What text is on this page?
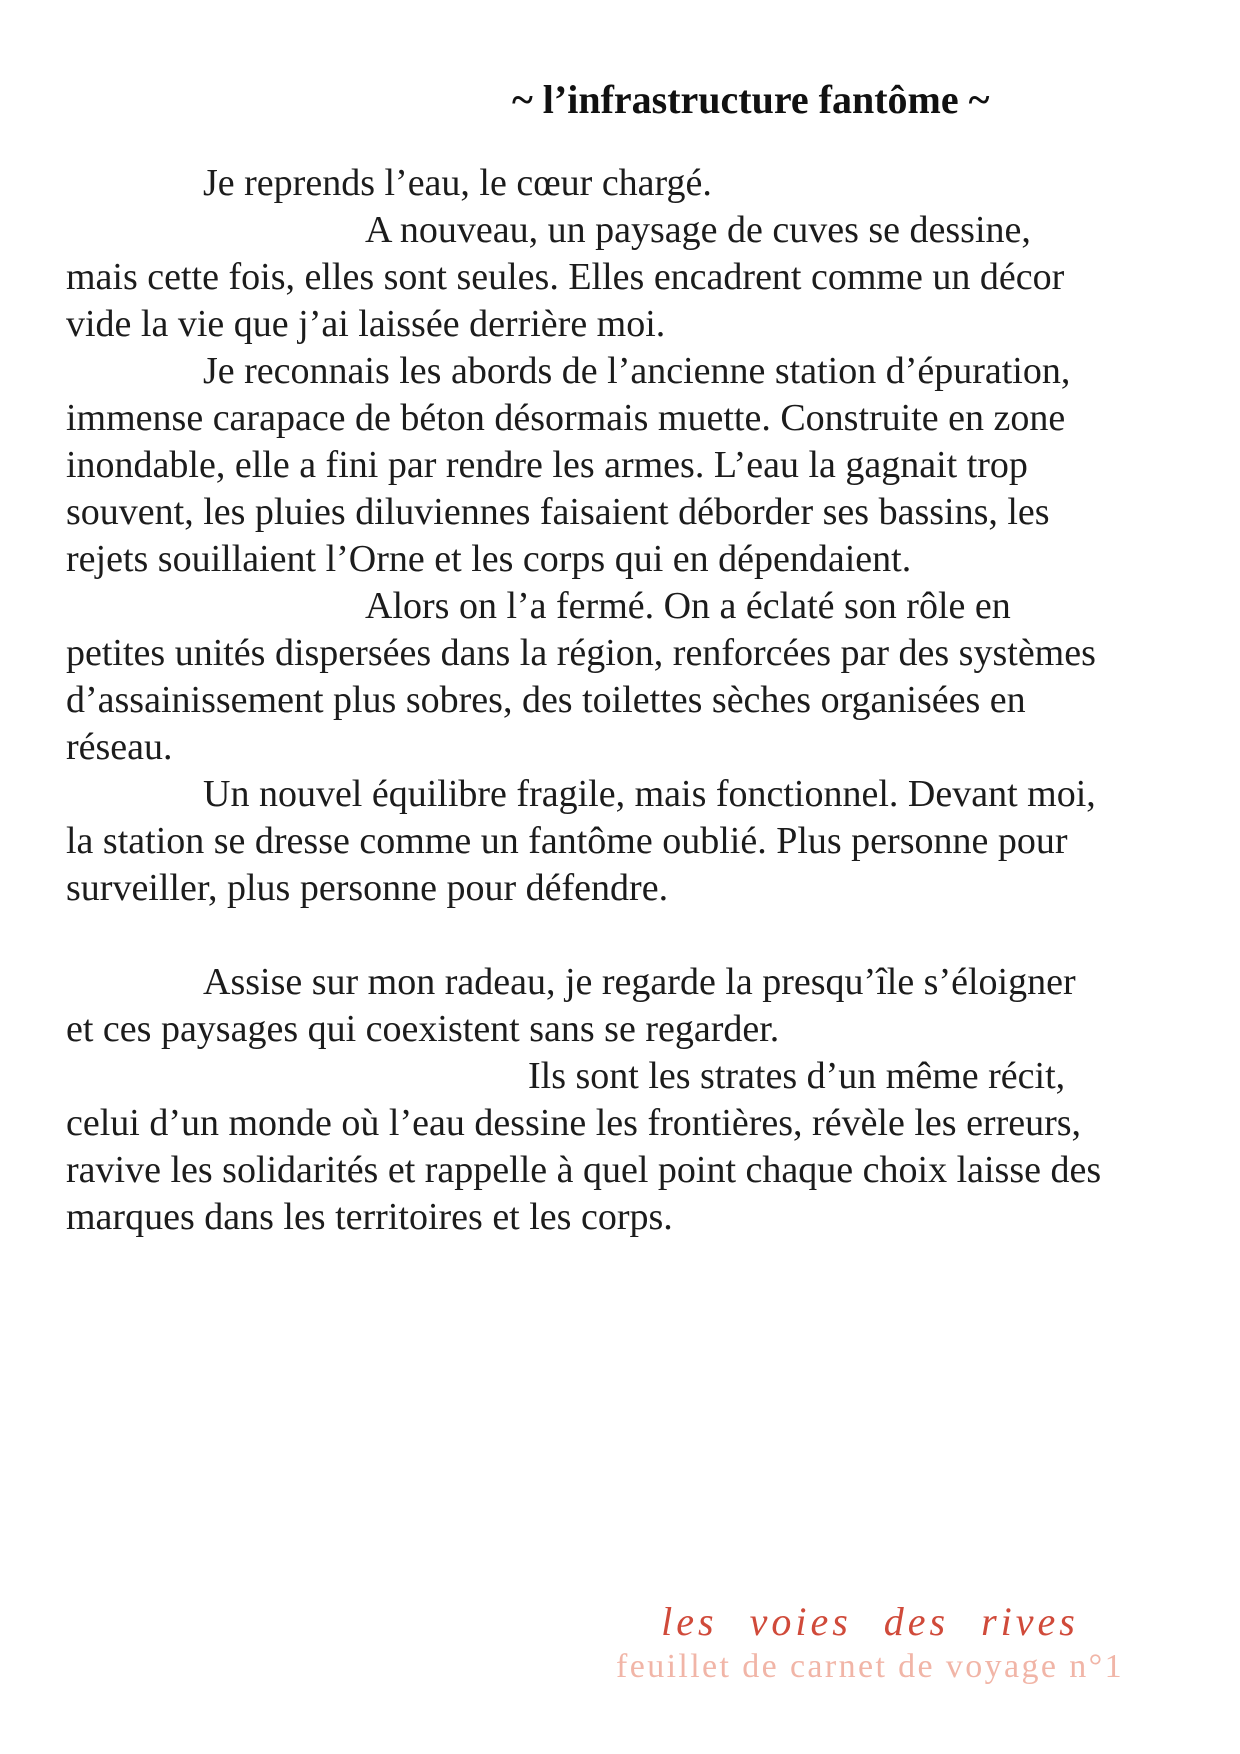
~ l’infrastructure fantôme ~

Je reprends l’eau, le cœur chargé.

A nouveau, un paysage de cuves se dessine, mais cette fois, elles sont seules. Elles encadrent comme un décor vide la vie que j’ai laissée derrière moi.

Je reconnais les abords de l’ancienne station d’épuration, immense carapace de béton désormais muette. Construite en zone inondable, elle a fini par rendre les armes. L’eau la gagnait trop souvent, les pluies diluviennes faisaient déborder ses bassins, les rejets souillaient l’Orne et les corps qui en dépendaient.

Alors on l’a fermé. On a éclaté son rôle en petites unités dispersées dans la région, renforcées par des systèmes d’assainissement plus sobres, des toilettes sèches organisées en réseau.

Un nouvel équilibre fragile, mais fonctionnel. Devant moi, la station se dresse comme un fantôme oublié. Plus personne pour surveiller, plus personne pour défendre.

Assise sur mon radeau, je regarde la presqu’île s’éloigner et ces paysages qui coexistent sans se regarder.

Ils sont les strates d’un même récit, celui d’un monde où l’eau dessine les frontières, révèle les erreurs, ravive les solidarités et rappelle à quel point chaque choix laisse des marques dans les territoires et les corps.

les voies des rives

feuillet de carnet de voyage n°1
